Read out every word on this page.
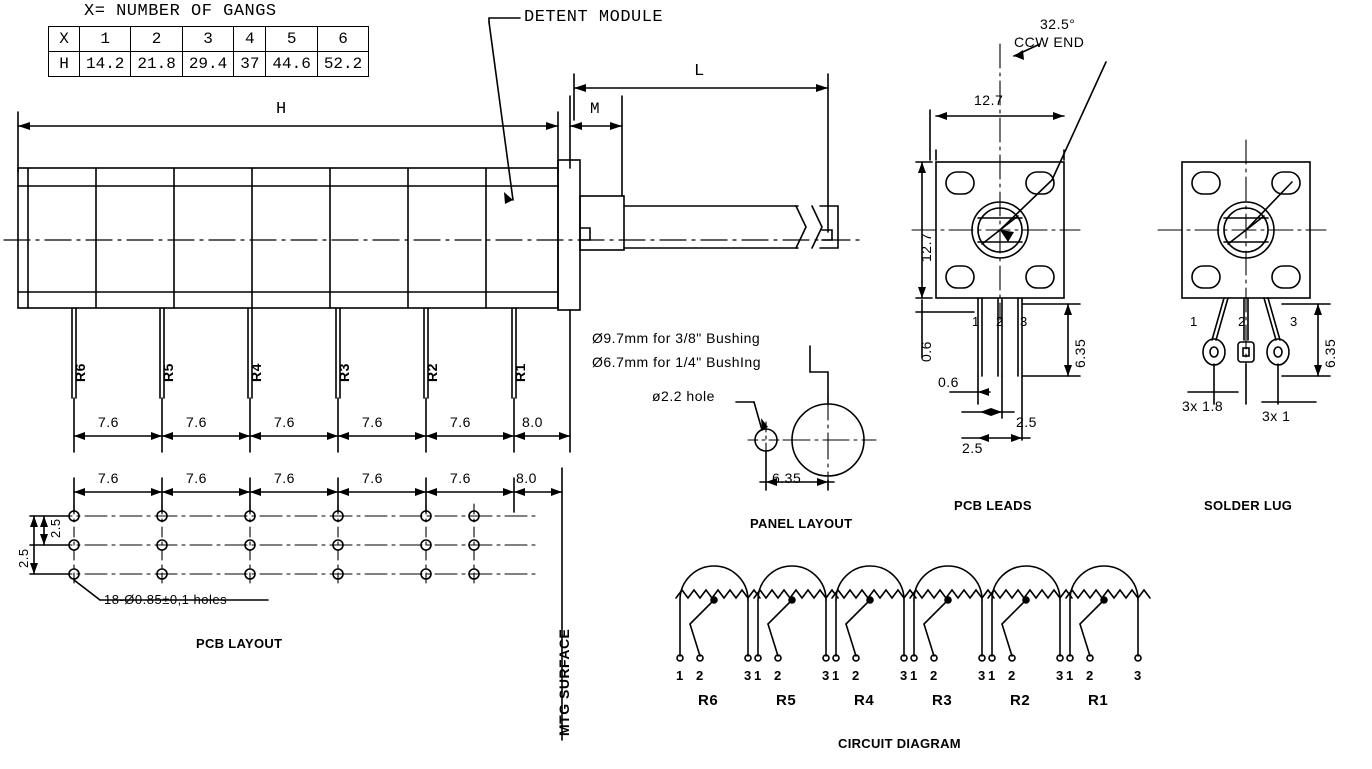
X= NUMBER OF GANGS
X	1	2	3	4	5	6
H	14.2	21.8	29.4	37	44.6	52.2
DETENT MODULE
H	M
L
R6	R5	R4	R3	R2	R1
7.6	7.6	7.6	7.6	7.6	8.0
7.6	7.6	7.6	7.6	7.6	8.0
2.5
2.5
18-Ø0.85±0,1 holes
MTG SURFACE
PCB LAYOUT
Ø9.7mm for 3/8" Bushing
Ø6.7mm for 1/4" BushIng
ø2.2 hole
6.35
PANEL LAYOUT
32.5°
CCW END
12.7
12.7
0.6
0.6
2.5
2.5
6.35
1 2 3
PCB LEADS
1	2	3
6.35
3x 1.8
3x 1
SOLDER LUG
1 2	3 1 2	3 1 2	3 1 2	3 1 2	3 1 2	3
R6	R5	R4	R3	R2	R1
CIRCUIT DIAGRAM
